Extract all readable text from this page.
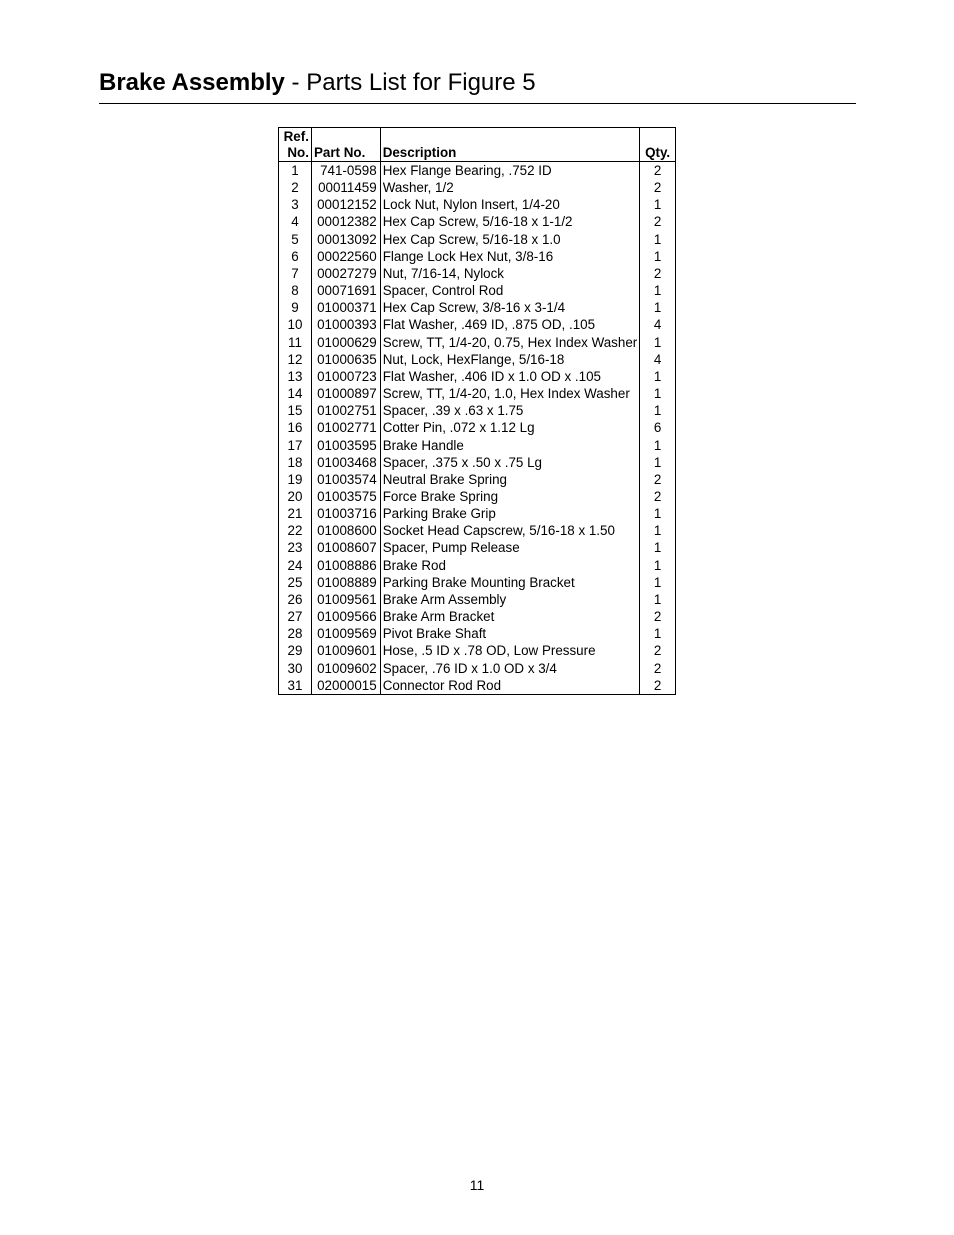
Brake Assembly - Parts List for Figure 5
Ref.
No.	Part No.	Description	Qty.
1	741-0598	Hex Flange Bearing, .752 ID	2
2	00011459	Washer, 1/2	2
3	00012152	Lock Nut, Nylon Insert, 1/4-20	1
4	00012382	Hex Cap Screw, 5/16-18 x 1-1/2	2
5	00013092	Hex Cap Screw, 5/16-18 x 1.0	1
6	00022560	Flange Lock Hex Nut, 3/8-16	1
7	00027279	Nut, 7/16-14, Nylock	2
8	00071691	Spacer, Control Rod	1
9	01000371	Hex Cap Screw, 3/8-16 x 3-1/4	1
10	01000393	Flat Washer, .469 ID, .875 OD, .105	4
11	01000629	Screw, TT, 1/4-20, 0.75, Hex Index Washer	1
12	01000635	Nut, Lock, HexFlange, 5/16-18	4
13	01000723	Flat Washer, .406 ID x 1.0 OD x .105	1
14	01000897	Screw, TT, 1/4-20, 1.0, Hex Index Washer	1
15	01002751	Spacer, .39 x .63 x 1.75	1
16	01002771	Cotter Pin, .072 x 1.12 Lg	6
17	01003595	Brake Handle	1
18	01003468	Spacer, .375 x .50 x .75 Lg	1
19	01003574	Neutral Brake Spring	2
20	01003575	Force Brake Spring	2
21	01003716	Parking Brake Grip	1
22	01008600	Socket Head Capscrew, 5/16-18 x 1.50	1
23	01008607	Spacer, Pump Release	1
24	01008886	Brake Rod	1
25	01008889	Parking Brake Mounting Bracket	1
26	01009561	Brake Arm Assembly	1
27	01009566	Brake Arm Bracket	2
28	01009569	Pivot Brake Shaft	1
29	01009601	Hose, .5 ID x .78 OD, Low Pressure	2
30	01009602	Spacer, .76 ID x 1.0 OD x 3/4	2
31	02000015	Connector Rod Rod	2
11
